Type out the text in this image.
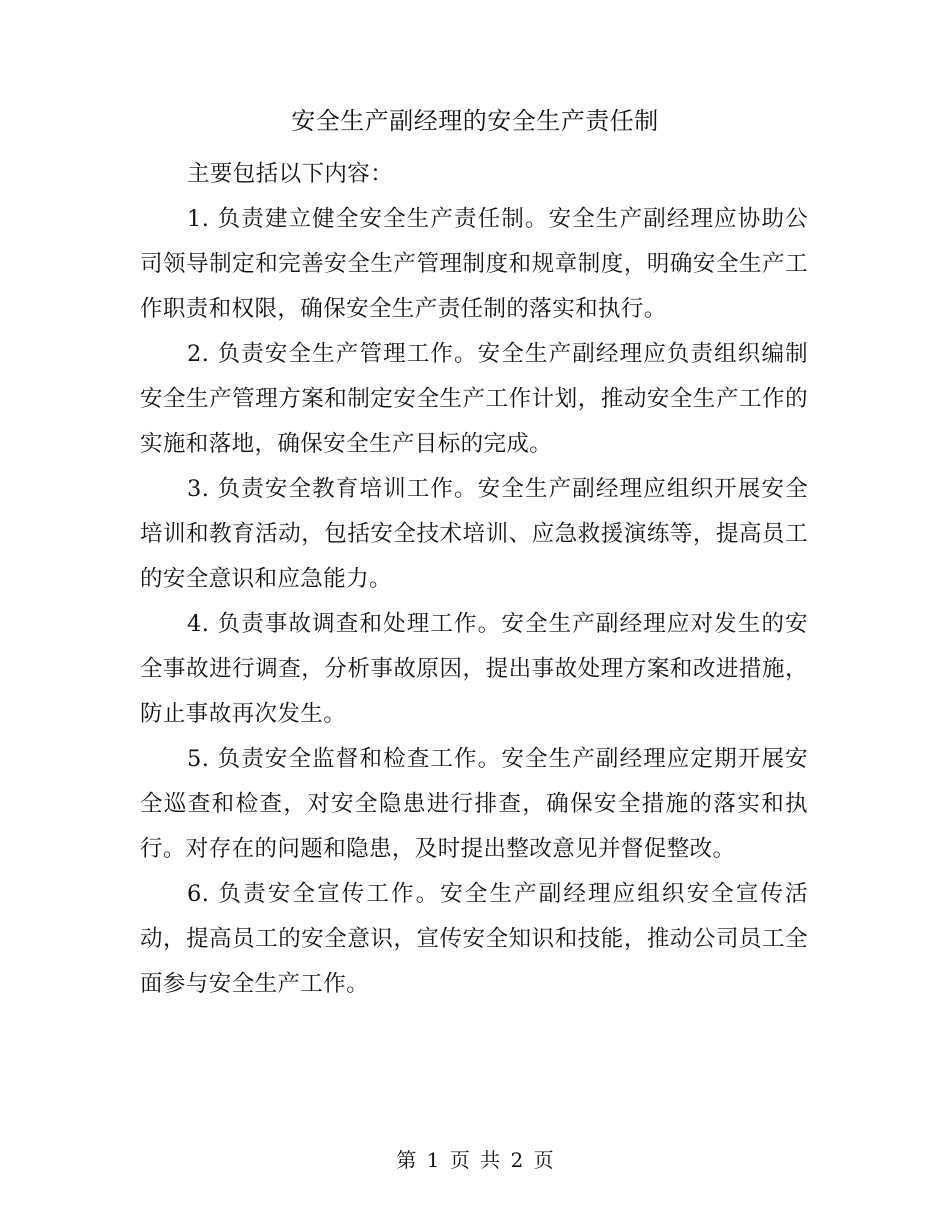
安全生产副经理的安全生产责任制

主要包括以下内容：

1. 负责建立健全安全生产责任制。安全生产副经理应协助公司领导制定和完善安全生产管理制度和规章制度，明确安全生产工作职责和权限，确保安全生产责任制的落实和执行。

2. 负责安全生产管理工作。安全生产副经理应负责组织编制安全生产管理方案和制定安全生产工作计划，推动安全生产工作的实施和落地，确保安全生产目标的完成。

3. 负责安全教育培训工作。安全生产副经理应组织开展安全培训和教育活动，包括安全技术培训、应急救援演练等，提高员工的安全意识和应急能力。

4. 负责事故调查和处理工作。安全生产副经理应对发生的安全事故进行调查，分析事故原因，提出事故处理方案和改进措施，防止事故再次发生。

5. 负责安全监督和检查工作。安全生产副经理应定期开展安全巡查和检查，对安全隐患进行排查，确保安全措施的落实和执行。对存在的问题和隐患，及时提出整改意见并督促整改。

6. 负责安全宣传工作。安全生产副经理应组织安全宣传活动，提高员工的安全意识，宣传安全知识和技能，推动公司员工全面参与安全生产工作。

第 1 页 共 2 页
